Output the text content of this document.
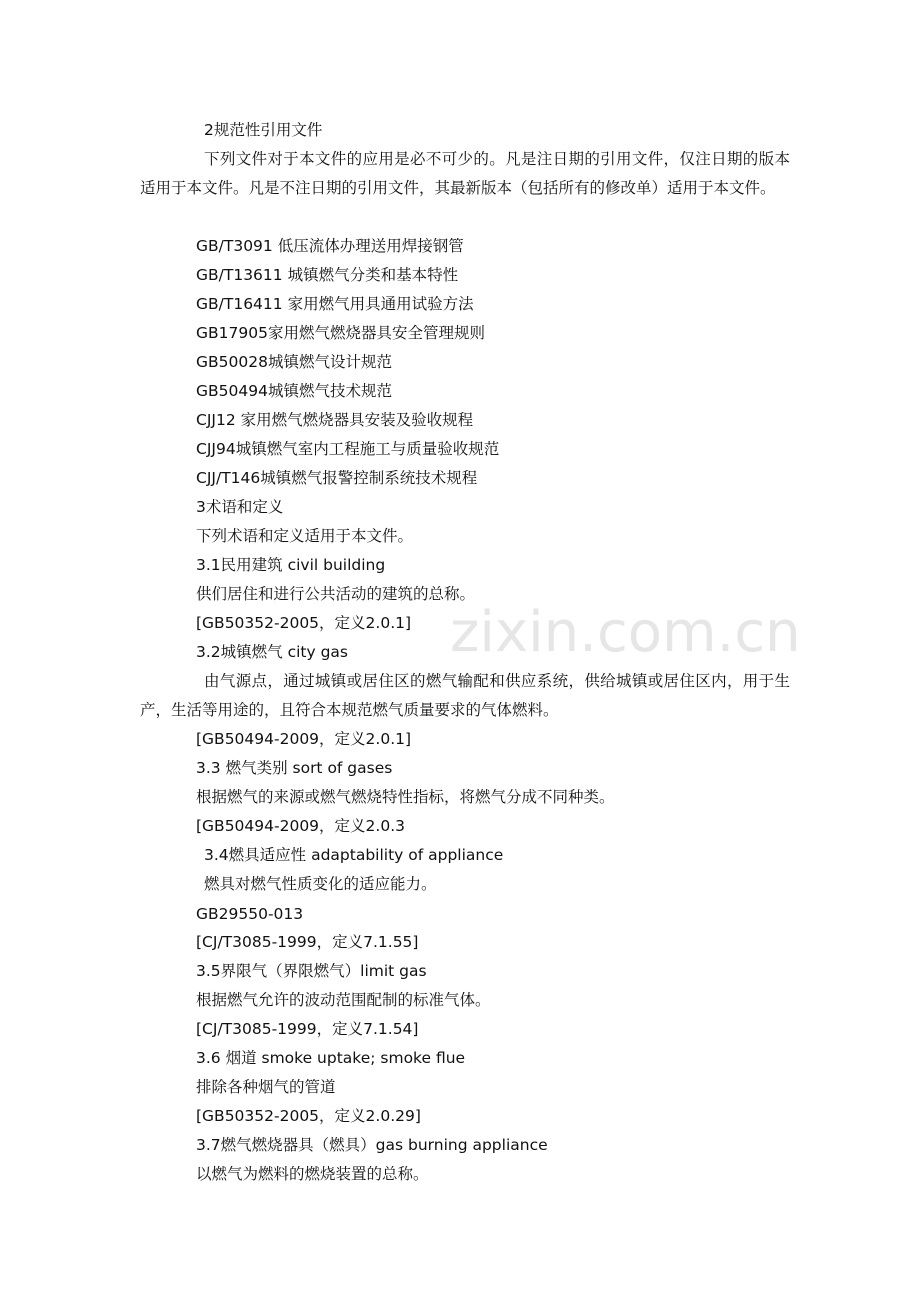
zixin.com.cn
2规范性引用文件
下列文件对于本文件的应用是必不可少的。凡是注日期的引用文件，仅注日期的版本适用于本文件。凡是不注日期的引用文件，其最新版本（包括所有的修改单）适用于本文件。
GB/T3091 低压流体办理送用焊接钢管
GB/T13611 城镇燃气分类和基本特性
GB/T16411 家用燃气用具通用试验方法
GB17905家用燃气燃烧器具安全管理规则
GB50028城镇燃气设计规范
GB50494城镇燃气技术规范
CJJ12 家用燃气燃烧器具安装及验收规程
CJJ94城镇燃气室内工程施工与质量验收规范
CJJ/T146城镇燃气报警控制系统技术规程
3术语和定义
下列术语和定义适用于本文件。
3.1民用建筑 civil building
供们居住和进行公共活动的建筑的总称。
[GB50352-2005，定义2.0.1]
3.2城镇燃气 city gas
由气源点，通过城镇或居住区的燃气输配和供应系统，供给城镇或居住区内，用于生产，生活等用途的，且符合本规范燃气质量要求的气体燃料。
[GB50494-2009，定义2.0.1]
3.3 燃气类别 sort of gases
根据燃气的来源或燃气燃烧特性指标，将燃气分成不同种类。
[GB50494-2009，定义2.0.3
3.4燃具适应性 adaptability of appliance
燃具对燃气性质变化的适应能力。
GB29550-013
[CJ/T3085-1999，定义7.1.55]
3.5界限气（界限燃气）limit gas
根据燃气允许的波动范围配制的标准气体。
[CJ/T3085-1999，定义7.1.54]
3.6 烟道 smoke uptake; smoke flue
排除各种烟气的管道
[GB50352-2005，定义2.0.29]
3.7燃气燃烧器具（燃具）gas burning appliance
以燃气为燃料的燃烧装置的总称。
